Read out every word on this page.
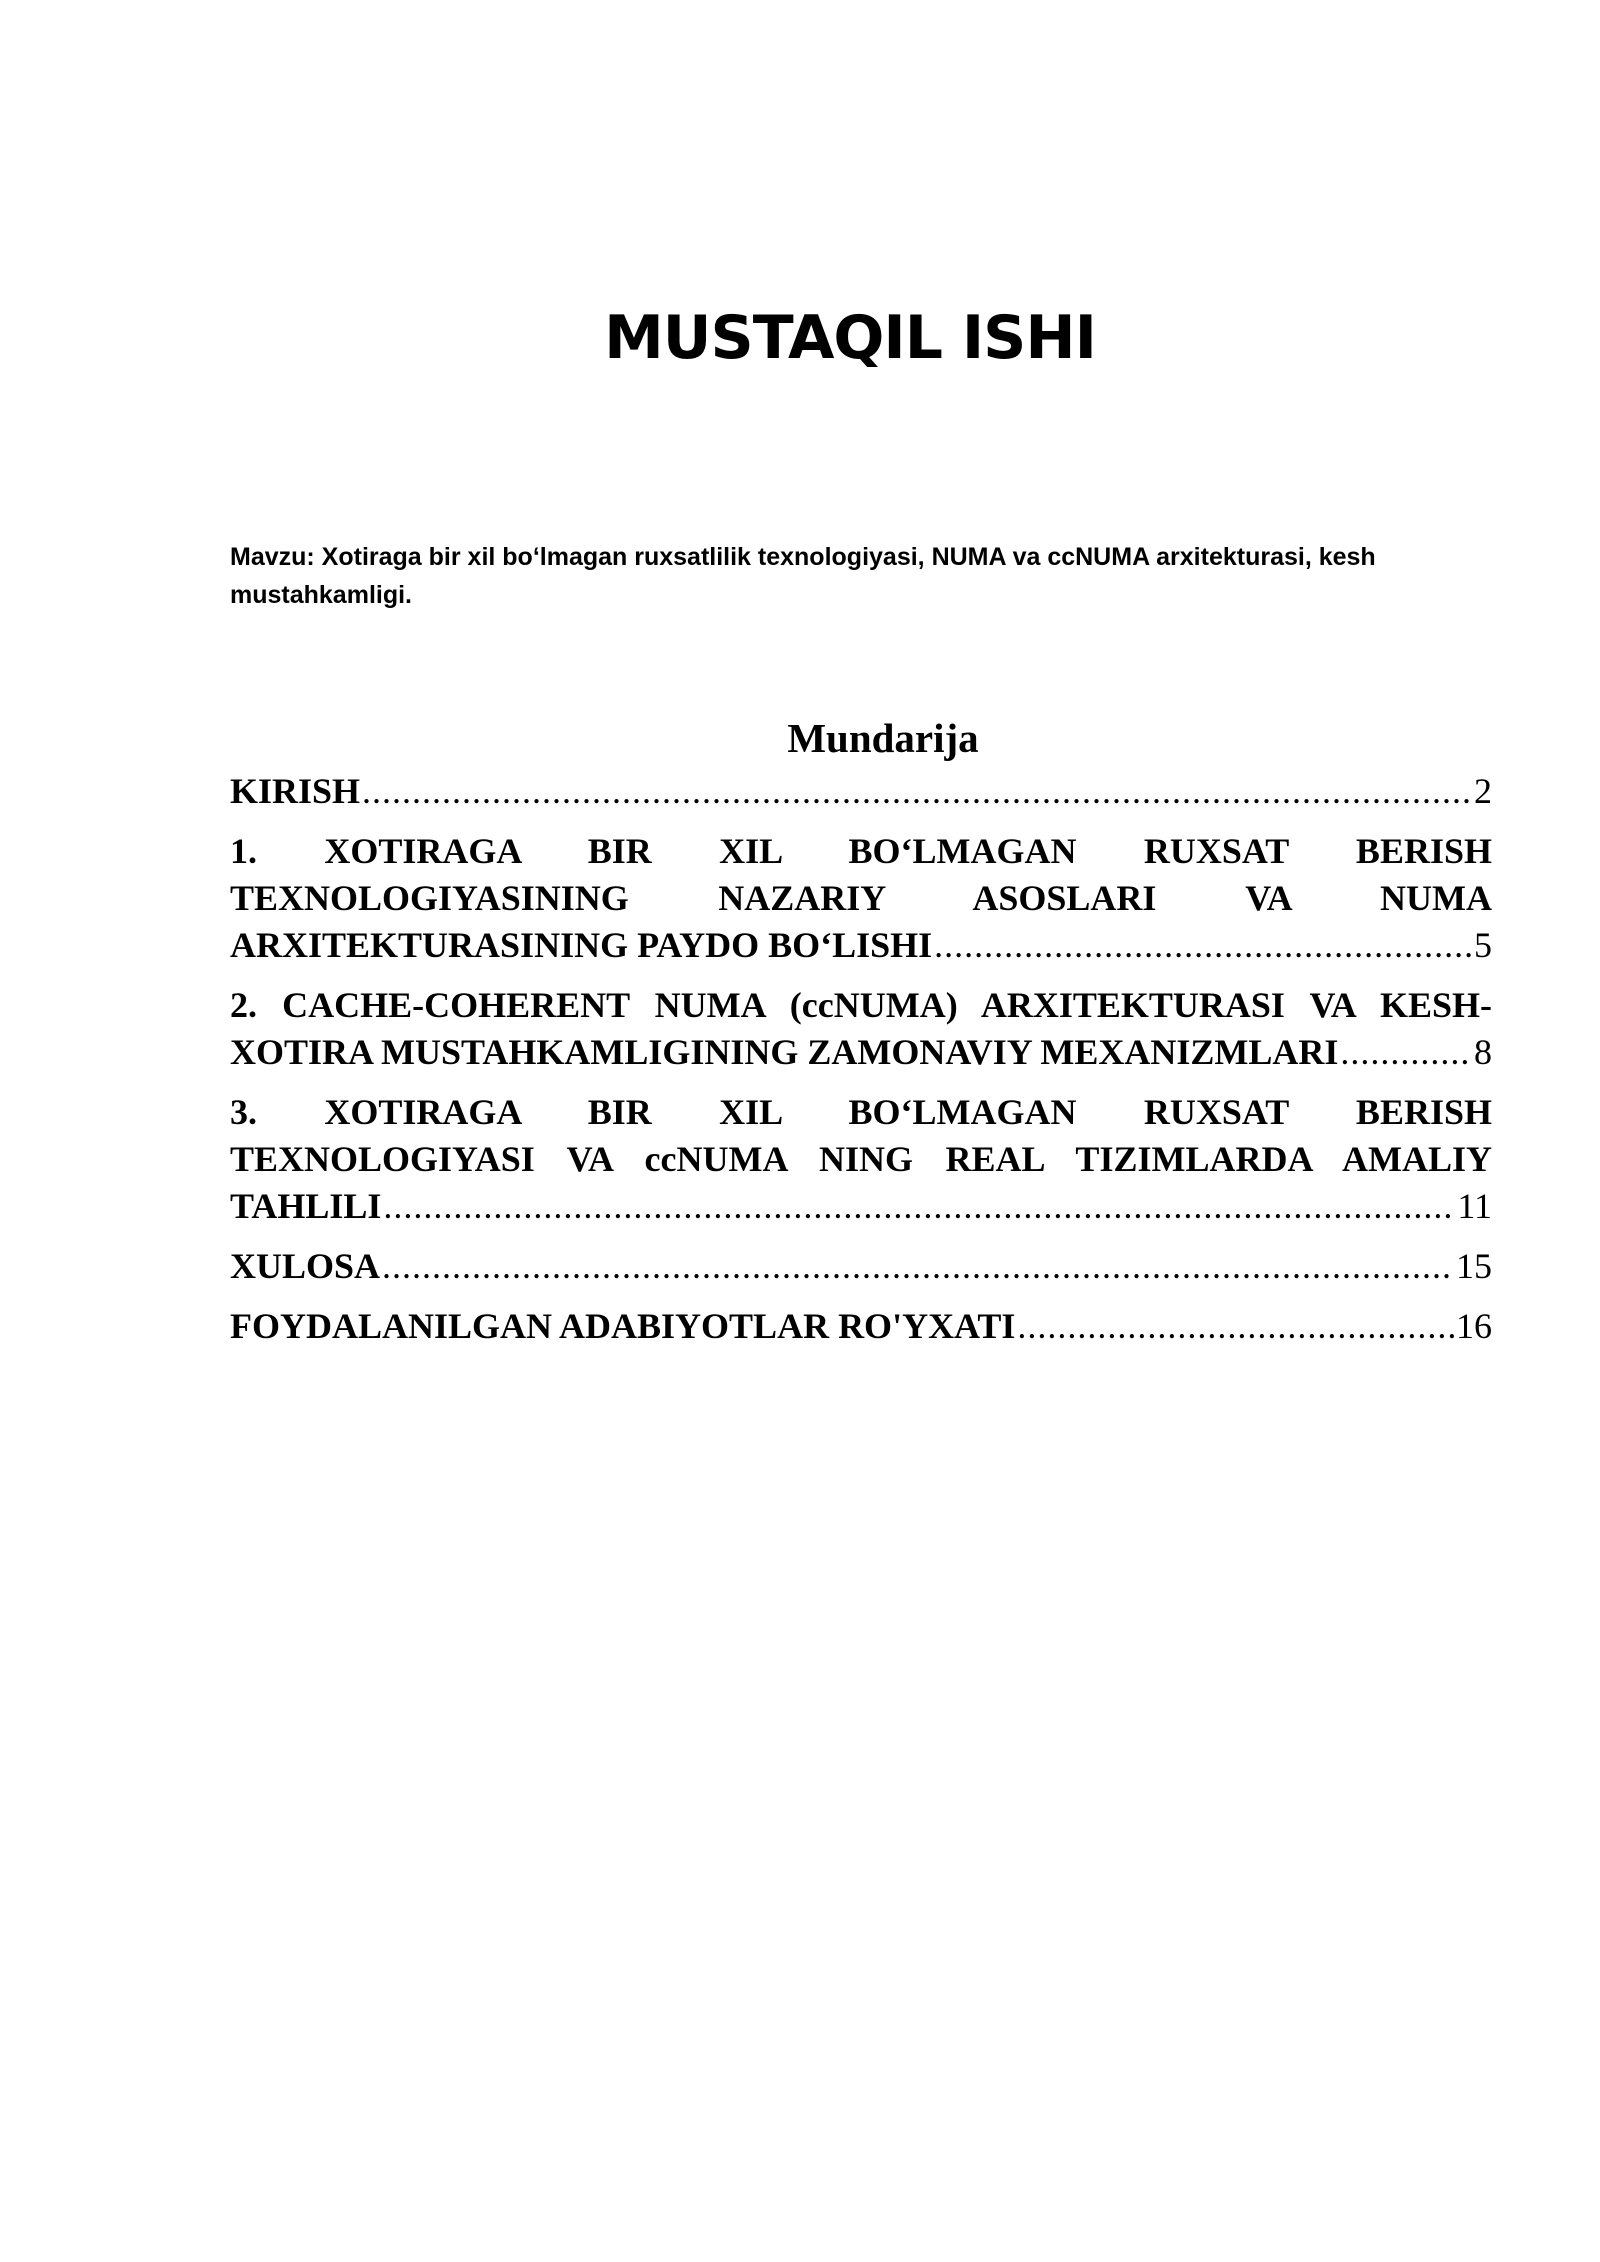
MUSTAQIL ISHI
Mavzu: Xotiraga bir xil bo‘lmagan ruxsatlilik texnologiyasi, NUMA va ccNUMA arxitekturasi, kesh mustahkamligi.
Mundarija
KIRISH .....	2
1. XOTIRAGA BIR XIL BO‘LMAGAN RUXSAT BERISH
TEXNOLOGIYASINING NAZARIY ASOSLARI VA NUMA
ARXITEKTURASINING PAYDO BO‘LISHI .....	5
2. CACHE-COHERENT NUMA (ccNUMA) ARXITEKTURASI VA KESH-
XOTIRA MUSTAHKAMLIGINING ZAMONAVIY MEXANIZMLARI .....	8
3. XOTIRAGA BIR XIL BO‘LMAGAN RUXSAT BERISH
TEXNOLOGIYASI VA ccNUMA NING REAL TIZIMLARDA AMALIY
TAHLILI .....	11
XULOSA .....	15
FOYDALANILGAN ADABIYOTLAR RO'YXATI .....	16
